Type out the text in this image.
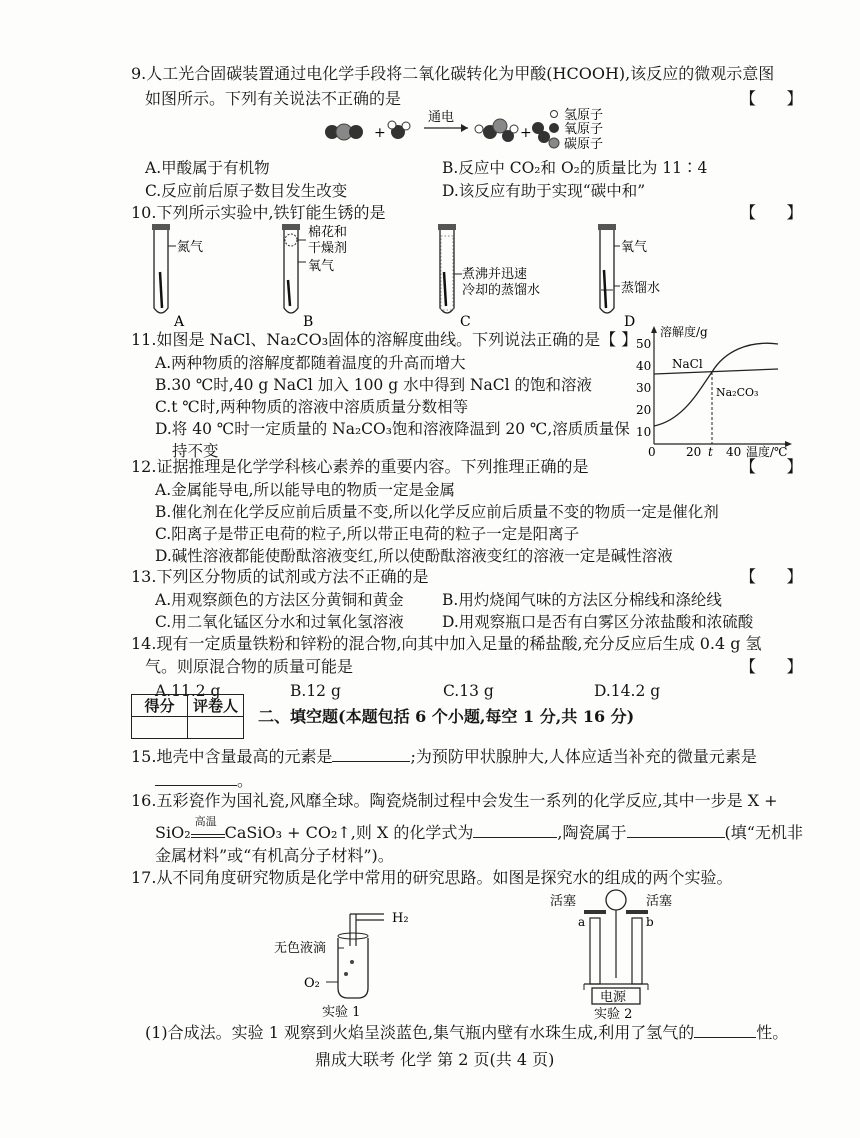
9.人工光合固碳装置通过电化学手段将二氧化碳转化为甲酸(HCOOH),该反应的微观示意图
如图所示。下列有关说法不正确的是	【      】
+
通电
+
氢原子
氧原子
碳原子
A.甲酸属于有机物	B.反应中 CO₂和 O₂的质量比为 11∶4
C.反应前后原子数目发生改变	D.该反应有助于实现“碳中和”
10.下列所示实验中,铁钉能生锈的是	【      】
氮气
A
棉花和
干燥剂
氧气
B
煮沸并迅速
冷却的蒸馏水
C
氧气
蒸馏水
D
11.如图是 NaCl、Na₂CO₃固体的溶解度曲线。下列说法正确的是【 】
A.两种物质的溶解度都随着温度的升高而增大
B.30 ℃时,40 g NaCl 加入 100 g 水中得到 NaCl 的饱和溶液
C.t ℃时,两种物质的溶液中溶质质量分数相等
D.将 40 ℃时一定质量的 Na₂CO₃饱和溶液降温到 20 ℃,溶质质量保
持不变
溶解度/g
温度/℃
50
40
30
20
10
0	20 t 40
NaCl
Na₂CO₃
12.证据推理是化学学科核心素养的重要内容。下列推理正确的是	【      】
A.金属能导电,所以能导电的物质一定是金属
B.催化剂在化学反应前后质量不变,所以化学反应前后质量不变的物质一定是催化剂
C.阳离子是带正电荷的粒子,所以带正电荷的粒子一定是阳离子
D.碱性溶液都能使酚酞溶液变红,所以使酚酞溶液变红的溶液一定是碱性溶液
13.下列区分物质的试剂或方法不正确的是	【      】
A.用观察颜色的方法区分黄铜和黄金 B.用灼烧闻气味的方法区分棉线和涤纶线
C.用二氧化锰区分水和过氧化氢溶液 D.用观察瓶口是否有白雾区分浓盐酸和浓硫酸
14.现有一定质量铁粉和锌粉的混合物,向其中加入足量的稀盐酸,充分反应后生成 0.4 g 氢
气。则原混合物的质量可能是	【      】
A.11.2 g	B.12 g	C.13 g	D.14.2 g
得分	评卷人

二、填空题(本题包括 6 个小题,每空 1 分,共 16 分)
15.地壳中含量最高的元素是	;为预防甲状腺肿大,人体应适当补充的微量元素是
。
16.五彩瓷作为国礼瓷,风靡全球。陶瓷烧制过程中会发生一系列的化学反应,其中一步是 X +
SiO₂
高温
CaSiO₃ + CO₂↑,则 X 的化学式为	,陶瓷属于	(填“无机非
金属材料”或“有机高分子材料”)。
17.从不同角度研究物质是化学中常用的研究思路。如图是探究水的组成的两个实验。
H₂
无色液滴
O₂
实验 1
活塞	活塞
a	b
电源
实验 2
(1)合成法。实验 1 观察到火焰呈淡蓝色,集气瓶内壁有水珠生成,利用了氢气的	性。
鼎成大联考 化学 第 2 页(共 4 页)
